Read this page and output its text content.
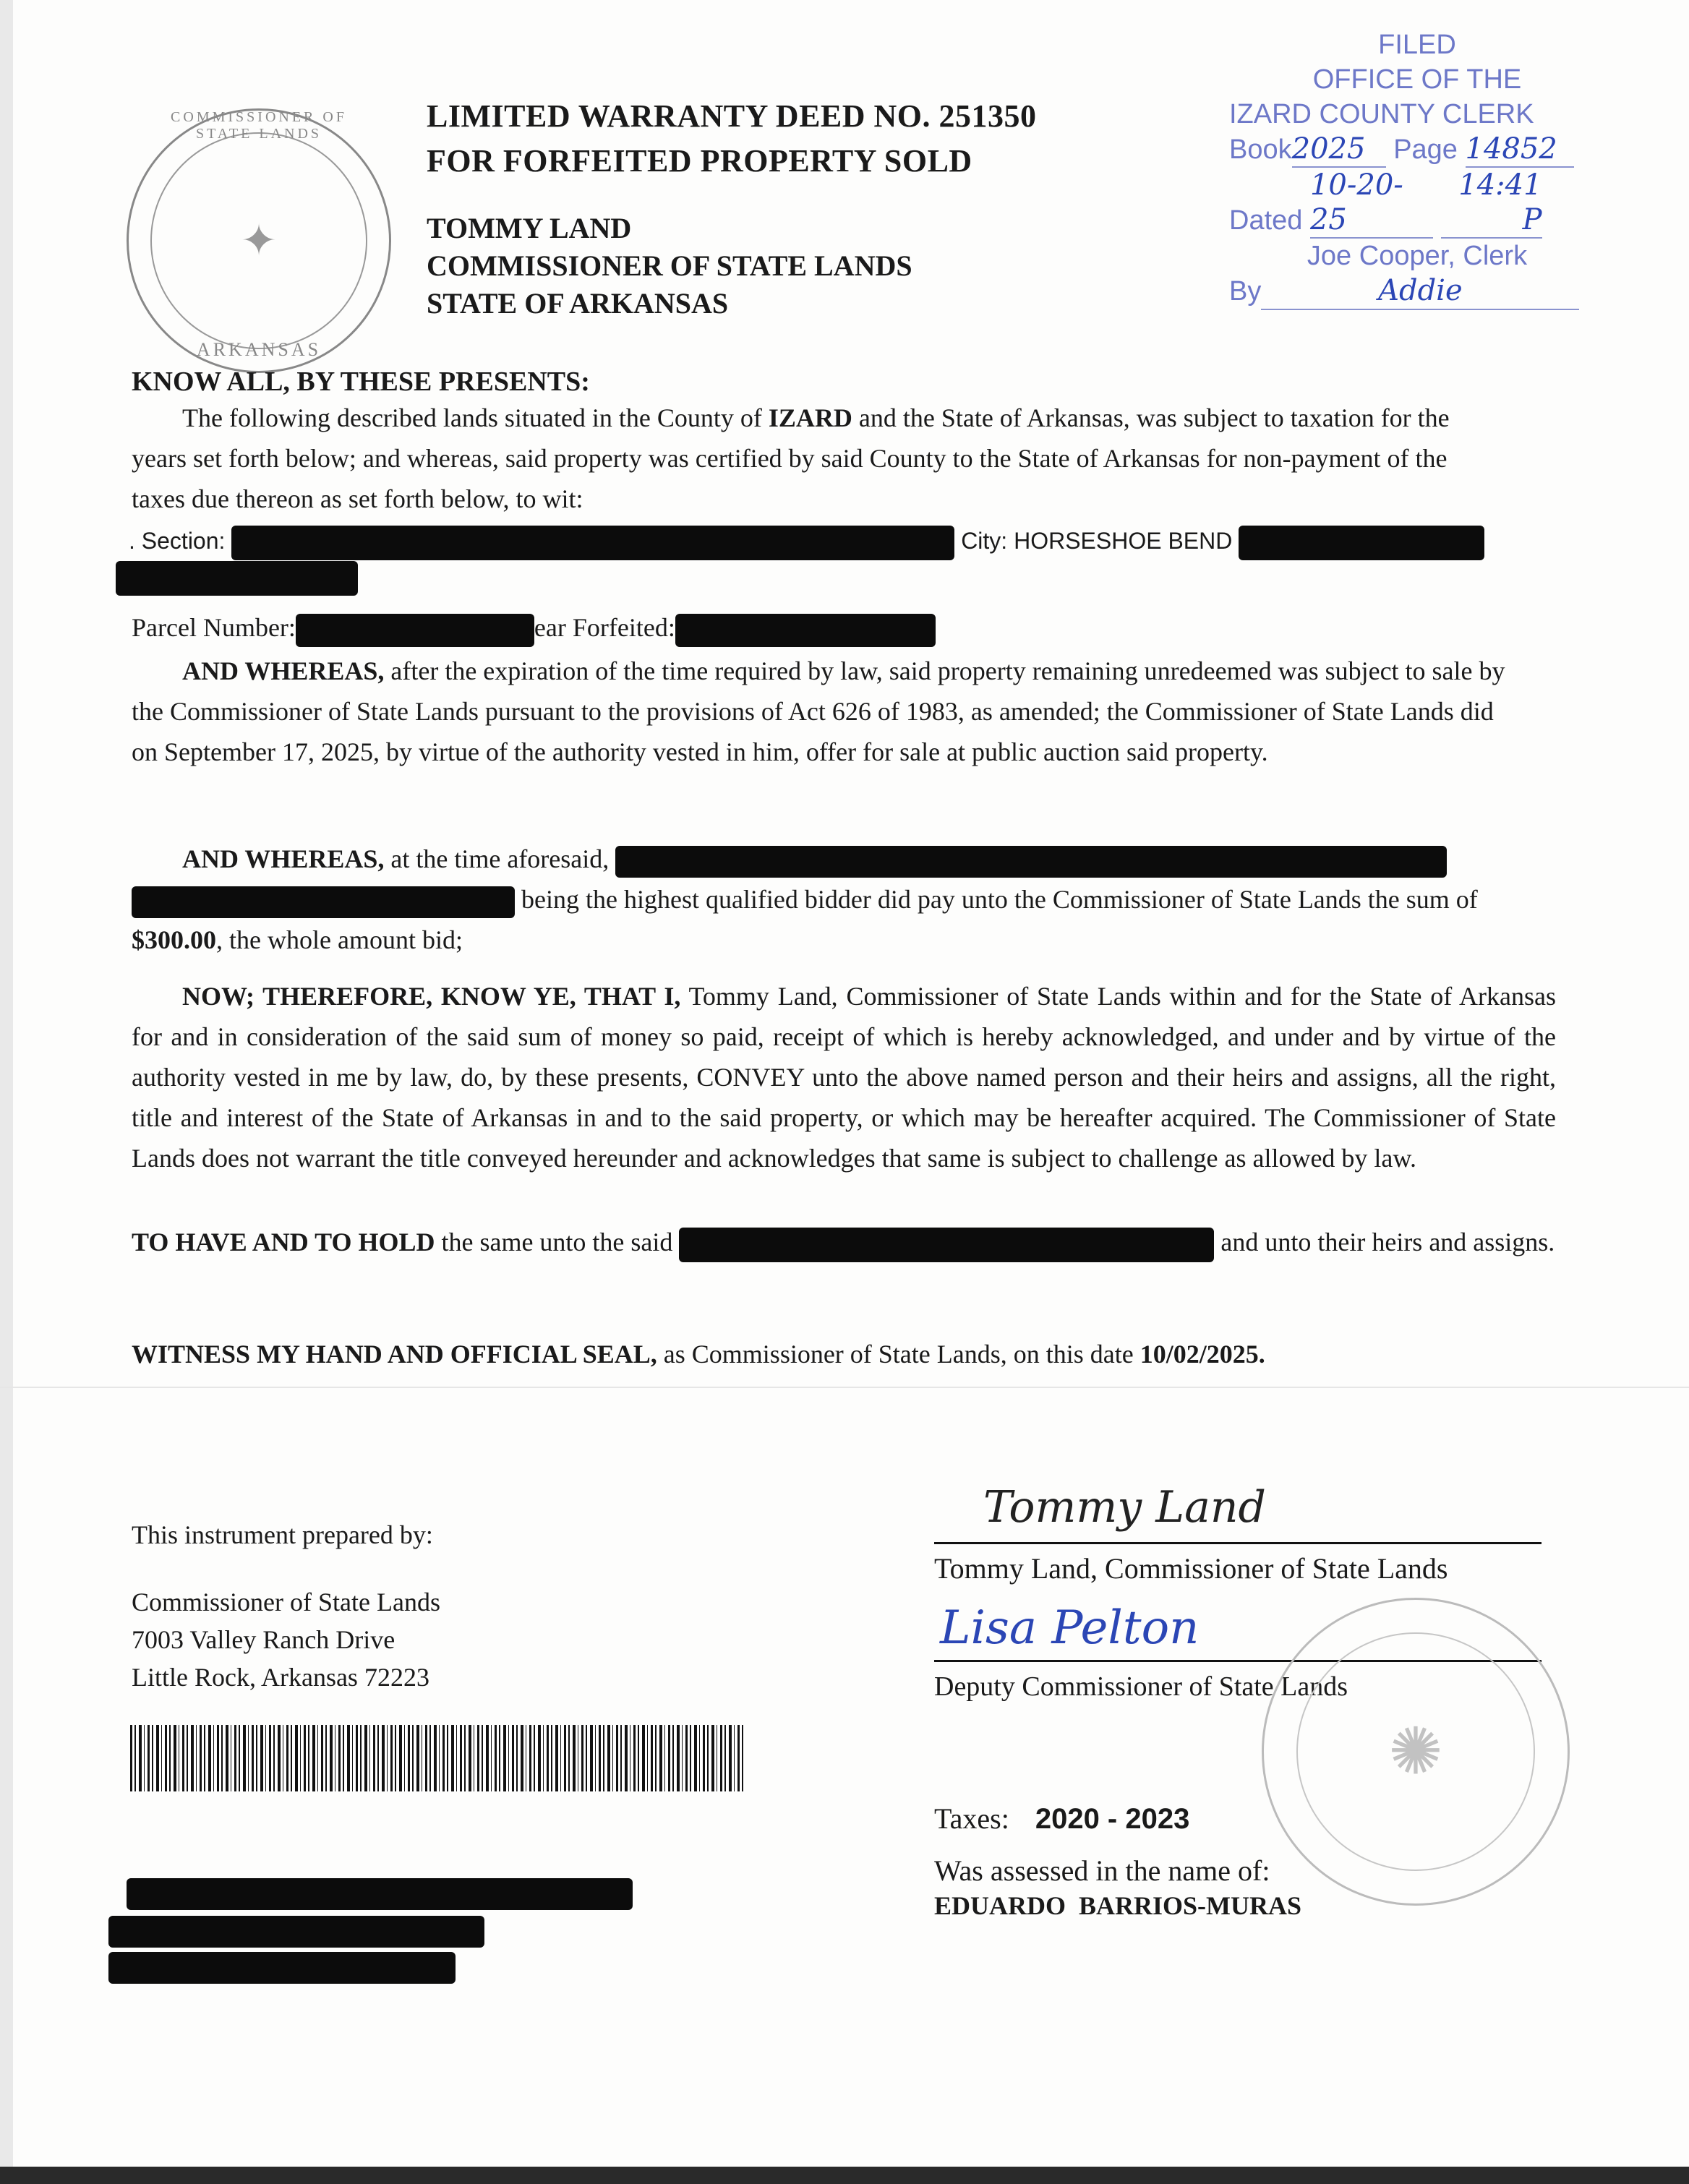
✦
COMMISSIONER OF STATE LANDS
ARKANSAS
LIMITED WARRANTY DEED NO. 251350
FOR FORFEITED PROPERTY SOLD
TOMMY LAND
COMMISSIONER OF STATE LANDS
STATE OF ARKANSAS
FILED
OFFICE OF THE
IZARD COUNTY CLERK
Book2025 Page 14852
Dated 10-20-25 14:41 P
Joe Cooper, Clerk
By	Addie
KNOW ALL, BY THESE PRESENTS:
The following described lands situated in the County of IZARD and the State of Arkansas, was subject to taxation for the years set forth below; and whereas, said property was certified by said County to the State of Arkansas for non-payment of the taxes due thereon as set forth below, to wit:
. Section:	City: HORSESHOE BEND
Parcel Number:	ear Forfeited:
AND WHEREAS, after the expiration of the time required by law, said property remaining unredeemed was subject to sale by the Commissioner of State Lands pursuant to the provisions of Act 626 of 1983, as amended; the Commissioner of State Lands did on September 17, 2025, by virtue of the authority vested in him, offer for sale at public auction said property.
AND WHEREAS, at the time aforesaid,   being the highest qualified bidder did pay unto the Commissioner of State Lands the sum of $300.00, the whole amount bid;
NOW; THEREFORE, KNOW YE, THAT I, Tommy Land, Commissioner of State Lands within and for the State of Arkansas for and in consideration of the said sum of money so paid, receipt of which is hereby acknowledged, and under and by virtue of the authority vested in me by law, do, by these presents, CONVEY unto the above named person and their heirs and assigns, all the right, title and interest of the State of Arkansas in and to the said property, or which may be hereafter acquired. The Commissioner of State Lands does not warrant the title conveyed hereunder and acknowledges that same is subject to challenge as allowed by law.
TO HAVE AND TO HOLD the same unto the said	and unto their heirs and assigns.
WITNESS MY HAND AND OFFICIAL SEAL, as Commissioner of State Lands, on this date 10/02/2025.
This instrument prepared by:
Commissioner of State Lands
7003 Valley Ranch Drive
Little Rock, Arkansas 72223
Tommy Land
Tommy Land, Commissioner of State Lands
Lisa Pelton
Deputy Commissioner of State Lands
✺
Taxes: 2020 - 2023
Was assessed in the name of:
EDUARDO  BARRIOS-MURAS
